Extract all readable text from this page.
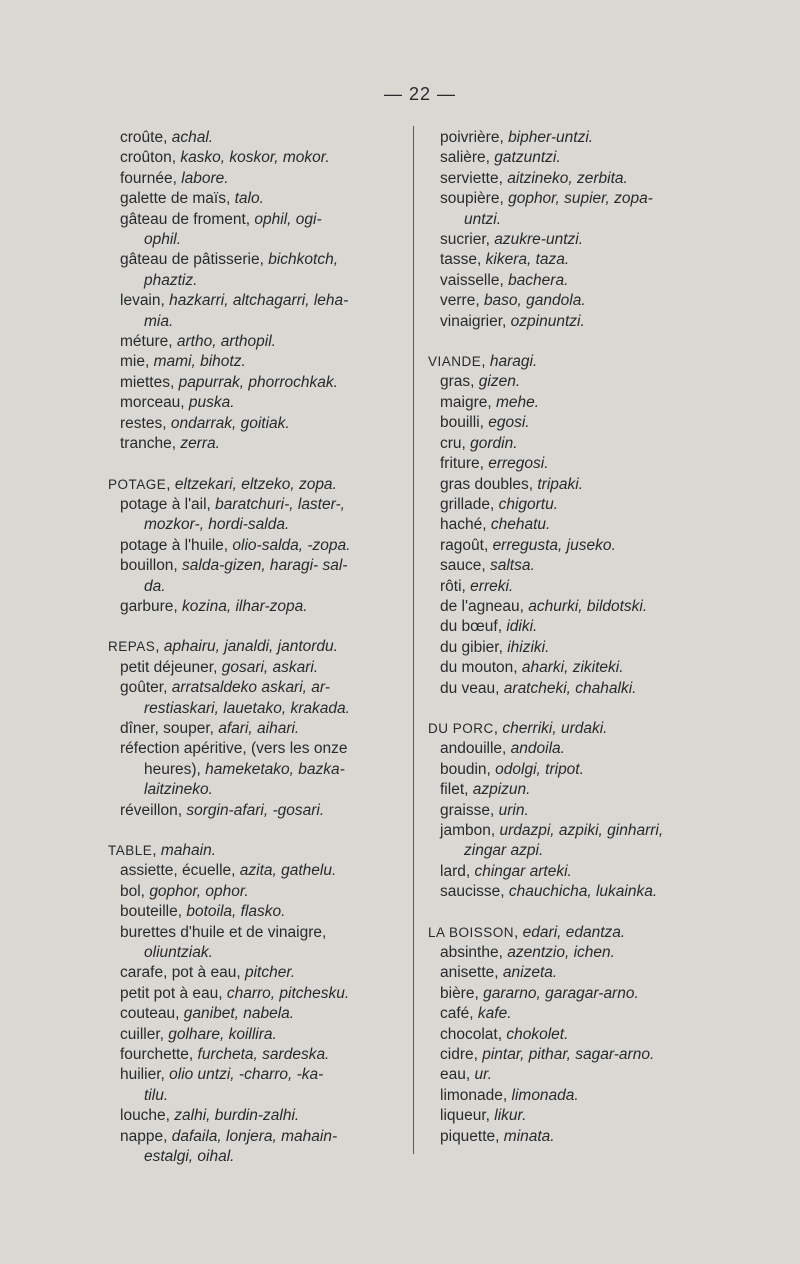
— 22 —
croûte, achal.
croûton, kasko, koskor, mokor.
fournée, labore.
galette de maïs, talo.
gâteau de froment, ophil, ogi-
ophil.
gâteau de pâtisserie, bichkotch,
phaztiz.
levain, hazkarri, altchagarri, leha-
mia.
méture, artho, arthopil.
mie, mami, bihotz.
miettes, papurrak, phorrochkak.
morceau, puska.
restes, ondarrak, goitiak.
tranche, zerra.
POTAGE, eltzekari, eltzeko, zopa.
potage à l'ail, baratchuri-, laster-,
mozkor-, hordi-salda.
potage à l'huile, olio-salda, -zopa.
bouillon, salda-gizen, haragi- sal-
da.
garbure, kozina, ilhar-zopa.
REPAS, aphairu, janaldi, jantordu.
petit déjeuner, gosari, askari.
goûter, arratsaldeko askari, ar-
restiaskari, lauetako, krakada.
dîner, souper, afari, aihari.
réfection apéritive, (vers les onze
heures), hameketako, bazka-
laitzineko.
réveillon, sorgin-afari, -gosari.
TABLE, mahain.
assiette, écuelle, azita, gathelu.
bol, gophor, ophor.
bouteille, botoila, flasko.
burettes d'huile et de vinaigre,
oliuntziak.
carafe, pot à eau, pitcher.
petit pot à eau, charro, pitchesku.
couteau, ganibet, nabela.
cuiller, golhare, koillira.
fourchette, furcheta, sardeska.
huilier, olio untzi, -charro, -ka-
tilu.
louche, zalhi, burdin-zalhi.
nappe, dafaila, lonjera, mahain-
estalgi, oihal.
poivrière, bipher-untzi.
salière, gatzuntzi.
serviette, aitzineko, zerbita.
soupière, gophor, supier, zopa-
untzi.
sucrier, azukre-untzi.
tasse, kikera, taza.
vaisselle, bachera.
verre, baso, gandola.
vinaigrier, ozpinuntzi.
VIANDE, haragi.
gras, gizen.
maigre, mehe.
bouilli, egosi.
cru, gordin.
friture, erregosi.
gras doubles, tripaki.
grillade, chigortu.
haché, chehatu.
ragoût, erregusta, juseko.
sauce, saltsa.
rôti, erreki.
de l'agneau, achurki, bildotski.
du bœuf, idiki.
du gibier, ihiziki.
du mouton, aharki, zikiteki.
du veau, aratcheki, chahalki.
DU PORC, cherriki, urdaki.
andouille, andoila.
boudin, odolgi, tripot.
filet, azpizun.
graisse, urin.
jambon, urdazpi, azpiki, ginharri,
zingar azpi.
lard, chingar arteki.
saucisse, chauchicha, lukainka.
LA BOISSON, edari, edantza.
absinthe, azentzio, ichen.
anisette, anizeta.
bière, gararno, garagar-arno.
café, kafe.
chocolat, chokolet.
cidre, pintar, pithar, sagar-arno.
eau, ur.
limonade, limonada.
liqueur, likur.
piquette, minata.
